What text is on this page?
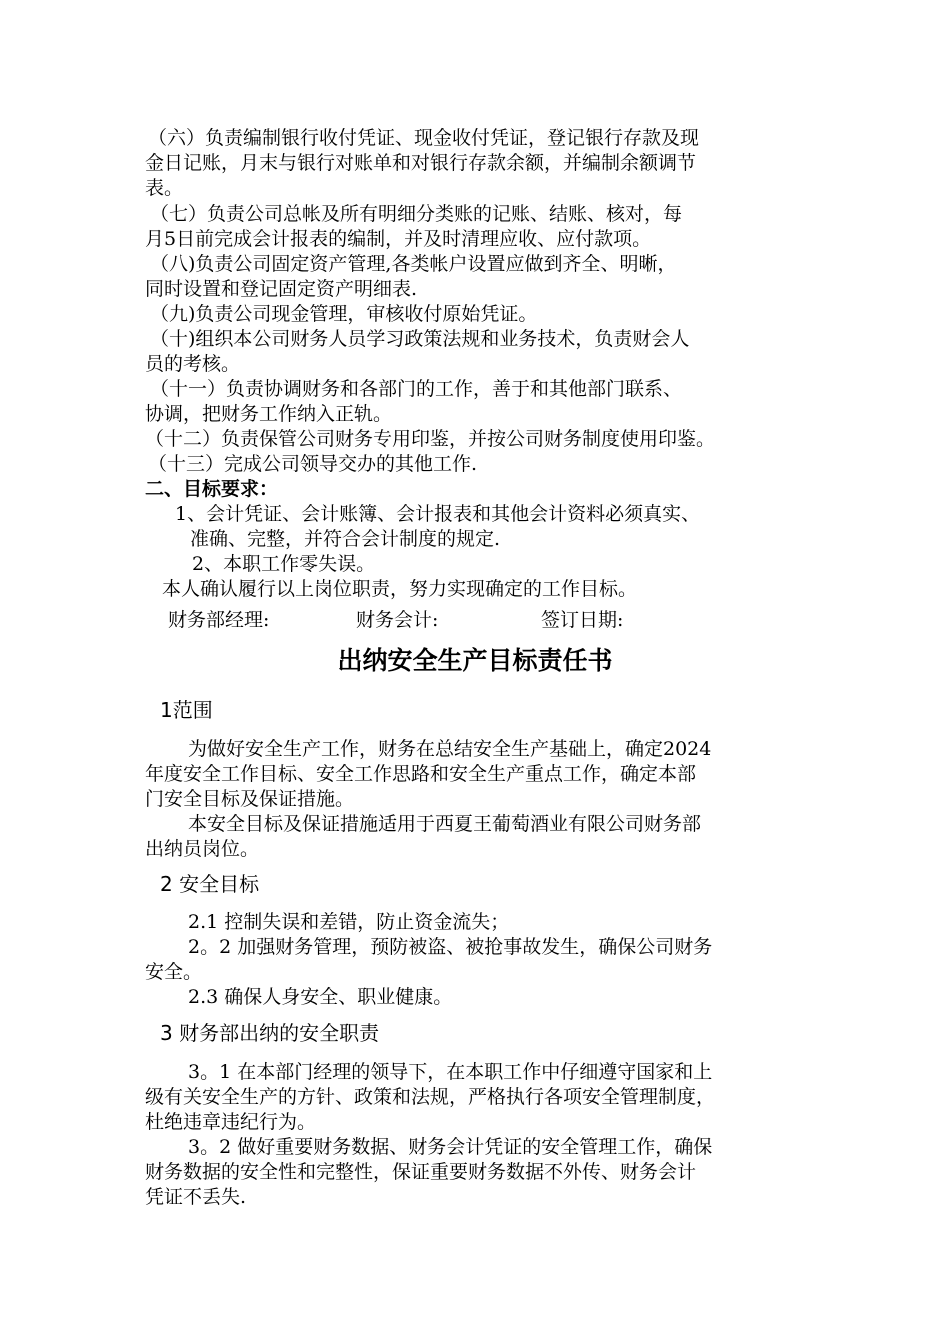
（六）负责编制银行收付凭证、现金收付凭证，登记银行存款及现
金日记账，月末与银行对账单和对银行存款余额，并编制余额调节
表。
（七）负责公司总帐及所有明细分类账的记账、结账、核对，每
月5日前完成会计报表的编制，并及时清理应收、应付款项。
（八)负责公司固定资产管理,各类帐户设置应做到齐全、明晰，
同时设置和登记固定资产明细表.
（九)负责公司现金管理，审核收付原始凭证。
（十)组织本公司财务人员学习政策法规和业务技术，负责财会人
员的考核。
（十一）负责协调财务和各部门的工作，善于和其他部门联系、
协调，把财务工作纳入正轨。
（十二）负责保管公司财务专用印鉴，并按公司财务制度使用印鉴。
（十三）完成公司领导交办的其他工作.
二、目标要求：
1、会计凭证、会计账簿、会计报表和其他会计资料必须真实、
准确、完整，并符合会计制度的规定.
2、本职工作零失误。
本人确认履行以上岗位职责，努力实现确定的工作目标。
财务部经理:	财务会计:	签订日期:
出纳安全生产目标责任书
1范围
为做好安全生产工作，财务在总结安全生产基础上，确定2024
年度安全工作目标、安全工作思路和安全生产重点工作，确定本部
门安全目标及保证措施。
本安全目标及保证措施适用于西夏王葡萄酒业有限公司财务部
出纳员岗位。
2 安全目标
2.1 控制失误和差错，防止资金流失；
2。2 加强财务管理，预防被盗、被抢事故发生，确保公司财务
安全。
2.3 确保人身安全、职业健康。
3 财务部出纳的安全职责
3。1 在本部门经理的领导下，在本职工作中仔细遵守国家和上
级有关安全生产的方针、政策和法规，严格执行各项安全管理制度，
杜绝违章违纪行为。
3。2 做好重要财务数据、财务会计凭证的安全管理工作，确保
财务数据的安全性和完整性，保证重要财务数据不外传、财务会计
凭证不丢失.
